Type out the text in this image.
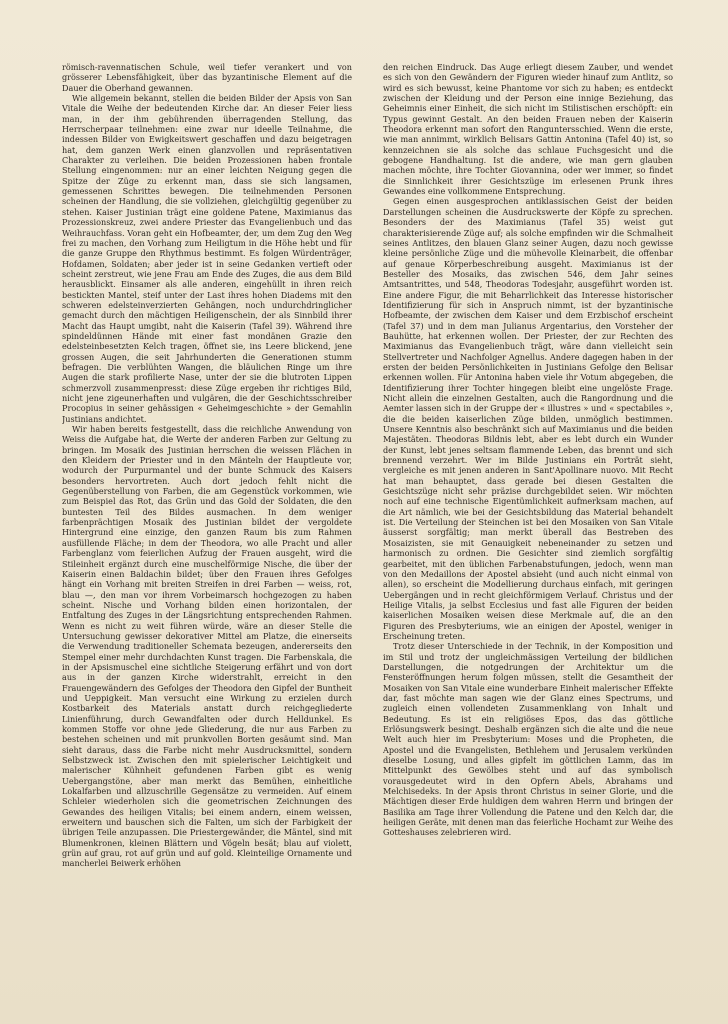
römisch-ravennatischen Schule, weil tiefer verankert und von grösserer Lebensfähigkeit, über das byzantinische Element auf die Dauer die Oberhand gewannen.

Wie allgemein bekannt, stellen die beiden Bilder der Apsis von San Vitale die Weihe der bedeutenden Kirche dar. An dieser Feier liess man, in der ihm gebührenden überragenden Stellung, das Herrscherpaar teilnehmen: eine zwar nur ideelle Teilnahme, die indessen Bilder von Ewigkeitswert geschaffen und dazu beigetragen hat, dem ganzen Werk einen glanzvollen und repräsentativen Charakter zu verleihen. Die beiden Prozessionen haben frontale Stellung eingenommen: nur an einer leichten Neigung gegen die Spitze der Züge zu erkennt man, dass sie sich langsamen, gemessenen Schrittes bewegen. Die teilnehmenden Personen scheinen der Handlung, die sie vollziehen, gleichgültig gegenüber zu stehen. Kaiser Justinian trägt eine goldene Patene, Maximianus das Prozessionskreuz, zwei andere Priester das Evangelienbuch und das Weihrauchfass. Voran geht ein Hofbeamter, der, um dem Zug den Weg frei zu machen, den Vorhang zum Heiligtum in die Höhe hebt und für die ganze Gruppe den Rhythmus bestimmt. Es folgen Würdenträger, Hofdamen, Soldaten; aber jeder ist in seine Gedanken vertieft oder scheint zerstreut, wie jene Frau am Ende des Zuges, die aus dem Bild herausblickt. Einsamer als alle anderen, eingehüllt in ihren reich bestickten Mantel, steif unter der Last ihres hohen Diadems mit den schweren edelsteinverzierten Gehängen, noch undurchdringlicher gemacht durch den mächtigen Heiligenschein, der als Sinnbild ihrer Macht das Haupt umgibt, naht die Kaiserin (Tafel 39). Während ihre spindeldünnen Hände mit einer fast mondänen Grazie den edelsteinbesetzten Kelch tragen, öffnet sie, ins Leere blickend, jene grossen Augen, die seit Jahrhunderten die Generationen stumm befragen. Die verblühten Wangen, die bläulichen Ringe um ihre Augen die stark profilierte Nase, unter der sie die blutroten Lippen schmerzvoll zusammenpresst: diese Züge ergeben ihr richtiges Bild, nicht jene zigeunerhaften und vulgären, die der Geschichtsschreiber Procopius in seiner gehässigen « Geheimgeschichte » der Gemahlin Justinians andichtet.

Wir haben bereits festgestellt, dass die reichliche Anwendung von Weiss die Aufgabe hat, die Werte der anderen Farben zur Geltung zu bringen. Im Mosaik des Justinian herrschen die weissen Flächen in den Kleidern der Priester und in den Mänteln der Hauptleute vor, wodurch der Purpurmantel und der bunte Schmuck des Kaisers besonders hervortreten. Auch dort jedoch fehlt nicht die Gegenüberstellung von Farben, die am Gegenstück vorkommen, wie zum Beispiel das Rot, das Grün und das Gold der Soldaten, die den buntesten Teil des Bildes ausmachen. In dem weniger farbenprächtigen Mosaik des Justinian bildet der vergoldete Hintergrund eine einzige, den ganzen Raum bis zum Rahmen ausfüllende Fläche; in dem der Theodora, wo alle Pracht und aller Farbenglanz vom feierlichen Aufzug der Frauen ausgeht, wird die Stileinheit ergänzt durch eine muschelförmige Nische, die über der Kaiserin einen Baldachin bildet; über den Frauen ihres Gefolges hängt ein Vorhang mit breiten Streifen in drei Farben — weiss, rot, blau —, den man vor ihrem Vorbeimarsch hochgezogen zu haben scheint. Nische und Vorhang bilden einen horizontalen, der Entfaltung des Zuges in der Längsrichtung entsprechenden Rahmen. Wenn es nicht zu weit führen würde, wäre an dieser Stelle die Untersuchung gewisser dekorativer Mittel am Platze, die einerseits die Verwendung traditioneller Schemata bezeugen, andererseits den Stempel einer mehr durchdachten Kunst tragen. Die Farbenskala, die in der Apsismuschel eine sichtliche Steigerung erfährt und von dort aus in der ganzen Kirche widerstrahlt, erreicht in den Frauengewändern des Gefolges der Theodora den Gipfel der Buntheit und Ueppigkeit. Man versucht eine Wirkung zu erzielen durch Kostbarkeit des Materials anstatt durch reichgegliederte Linienführung, durch Gewandfalten oder durch Helldunkel. Es kommen Stoffe vor ohne jede Gliederung, die nur aus Farben zu bestehen scheinen und mit prunkvollen Borten gesäumt sind. Man sieht daraus, dass die Farbe nicht mehr Ausdrucksmittel, sondern Selbstzweck ist. Zwischen den mit spielerischer Leichtigkeit und malerischer Kühnheit gefundenen Farben gibt es wenig Uebergangstöne, aber man merkt das Bemühen, einheitliche Lokalfarben und allzuschrille Gegensätze zu vermeiden. Auf einem Schleier wiederholen sich die geometrischen Zeichnungen des Gewandes des heiligen Vitalis; bei einem andern, einem weissen, erweitern und bauschen sich die Falten, um sich der Farbigkeit der übrigen Teile anzupassen. Die Priestergewänder, die Mäntel, sind mit Blumenkronen, kleinen Blättern und Vögeln besät; blau auf violett, grün auf grau, rot auf grün und auf gold. Kleinteilige Ornamente und mancherlei Beiwerk erhöhen

den reichen Eindruck. Das Auge erliegt diesem Zauber, und wendet es sich von den Gewändern der Figuren wieder hinauf zum Antlitz, so wird es sich bewusst, keine Phantome vor sich zu haben; es entdeckt zwischen der Kleidung und der Person eine innige Beziehung, das Geheimnis einer Einheit, die sich nicht im Stilistischen erschöpft: ein Typus gewinnt Gestalt. An den beiden Frauen neben der Kaiserin Theodora erkennt man sofort den Ranguntersschied. Wenn die erste, wie man annimmt, wirklich Belisars Gattin Antonina (Tafel 40) ist, so kennzeichnen sie als solche das schlaue Fuchsgesicht und die gebogene Handhaltung. Ist die andere, wie man gern glauben machen möchte, ihre Tochter Giovannina, oder wer immer, so findet die Sinnlichkeit ihrer Gesichtszüge im erlesenen Prunk ihres Gewandes eine vollkommene Entsprechung.

Gegen einen ausgesprochen antiklassischen Geist der beiden Darstellungen scheinen die Ausdruckswerte der Köpfe zu sprechen. Besonders der des Maximianus (Tafel 35) weist gut charakterisierende Züge auf; als solche empfinden wir die Schmalheit seines Antlitzes, den blauen Glanz seiner Augen, dazu noch gewisse kleine persönliche Züge und die mühevolle Kleinarbeit, die offenbar auf genaue Körperbeschreibung ausgeht. Maximianus ist der Besteller des Mosaiks, das zwischen 546, dem Jahr seines Amtsantrittes, und 548, Theodoras Todesjahr, ausgeführt worden ist. Eine andere Figur, die mit Beharrlichkeit das Interesse historischer Identifizierung für sich in Anspruch nimmt, ist der byzantinische Hofbeamte, der zwischen dem Kaiser und dem Erzbischof erscheint (Tafel 37) und in dem man Julianus Argentarius, den Vorsteher der Bauhütte, hat erkennen wollen. Der Priester, der zur Rechten des Maximianus das Evangelienbuch trägt, wäre dann vielleicht sein Stellvertreter und Nachfolger Agnellus. Andere dagegen haben in der ersten der beiden Persönlichkeiten in Justinians Gefolge den Belisar erkennen wollen. Für Antonina haben viele ihr Votum abgegeben, die Identifizierung ihrer Tochter hingegen bleibt eine ungelöste Frage. Nicht allein die einzelnen Gestalten, auch die Rangordnung und die Aemter lassen sich in der Gruppe der « illustres » und « spectabiles », die die beiden kaiserlichen Züge bilden, unmöglich bestimmen. Unsere Kenntnis also beschränkt sich auf Maximianus und die beiden Majestäten. Theodoras Bildnis lebt, aber es lebt durch ein Wunder der Kunst, lebt jenes seltsam flammende Leben, das brennt und sich brennend verzehrt. Wer im Bilde Justinians ein Porträt sieht, vergleiche es mit jenen anderen in Sant'Apollinare nuovo. Mit Recht hat man behauptet, dass gerade bei diesen Gestalten die Gesichtszüge nicht sehr präzise durchgebildet seien. Wir möchten noch auf eine technische Eigentümlichkeit aufmerksam machen, auf die Art nämlich, wie bei der Gesichtsbildung das Material behandelt ist. Die Verteilung der Steinchen ist bei den Mosaiken von San Vitale äusserst sorgfältig; man merkt überall das Bestreben des Mosaizisten, sie mit Genauigkeit nebeneinander zu setzen und harmonisch zu ordnen. Die Gesichter sind ziemlich sorgfältig gearbeitet, mit den üblichen Farbenabstufungen, jedoch, wenn man von den Medaillons der Apostel absieht (und auch nicht einmal von allen), so erscheint die Modellierung durchaus einfach, mit geringen Uebergängen und in recht gleichförmigem Verlauf. Christus und der Heilige Vitalis, ja selbst Ecclesius und fast alle Figuren der beiden kaiserlichen Mosaiken weisen diese Merkmale auf, die an den Figuren des Presbyteriums, wie an einigen der Apostel, weniger in Erscheinung treten.

Trotz dieser Unterschiede in der Technik, in der Komposition und im Stil und trotz der ungleichmässigen Verteilung der bildlichen Darstellungen, die notgedrungen der Architektur um die Fensteröffnungen herum folgen müssen, stellt die Gesamtheit der Mosaiken von San Vitale eine wunderbare Einheit malerischer Effekte dar, fast möchte man sagen wie der Glanz eines Spectrums, und zugleich einen vollendeten Zusammenklang von Inhalt und Bedeutung. Es ist ein religiöses Epos, das das göttliche Erlösungswerk besingt. Deshalb ergänzen sich die alte und die neue Welt auch hier im Presbyterium: Moses und die Propheten, die Apostel und die Evangelisten, Bethlehem und Jerusalem verkünden dieselbe Losung, und alles gipfelt im göttlichen Lamm, das im Mittelpunkt des Gewölbes steht und auf das symbolisch vorausgedeutet wird in den Opfern Abels, Abrahams und Melchisedeks. In der Apsis thront Christus in seiner Glorie, und die Mächtigen dieser Erde huldigen dem wahren Herrn und bringen der Basilika am Tage ihrer Vollendung die Patene und den Kelch dar, die heiligen Geräte, mit denen man das feierliche Hochamt zur Weihe des Gotteshauses zelebrieren wird.
